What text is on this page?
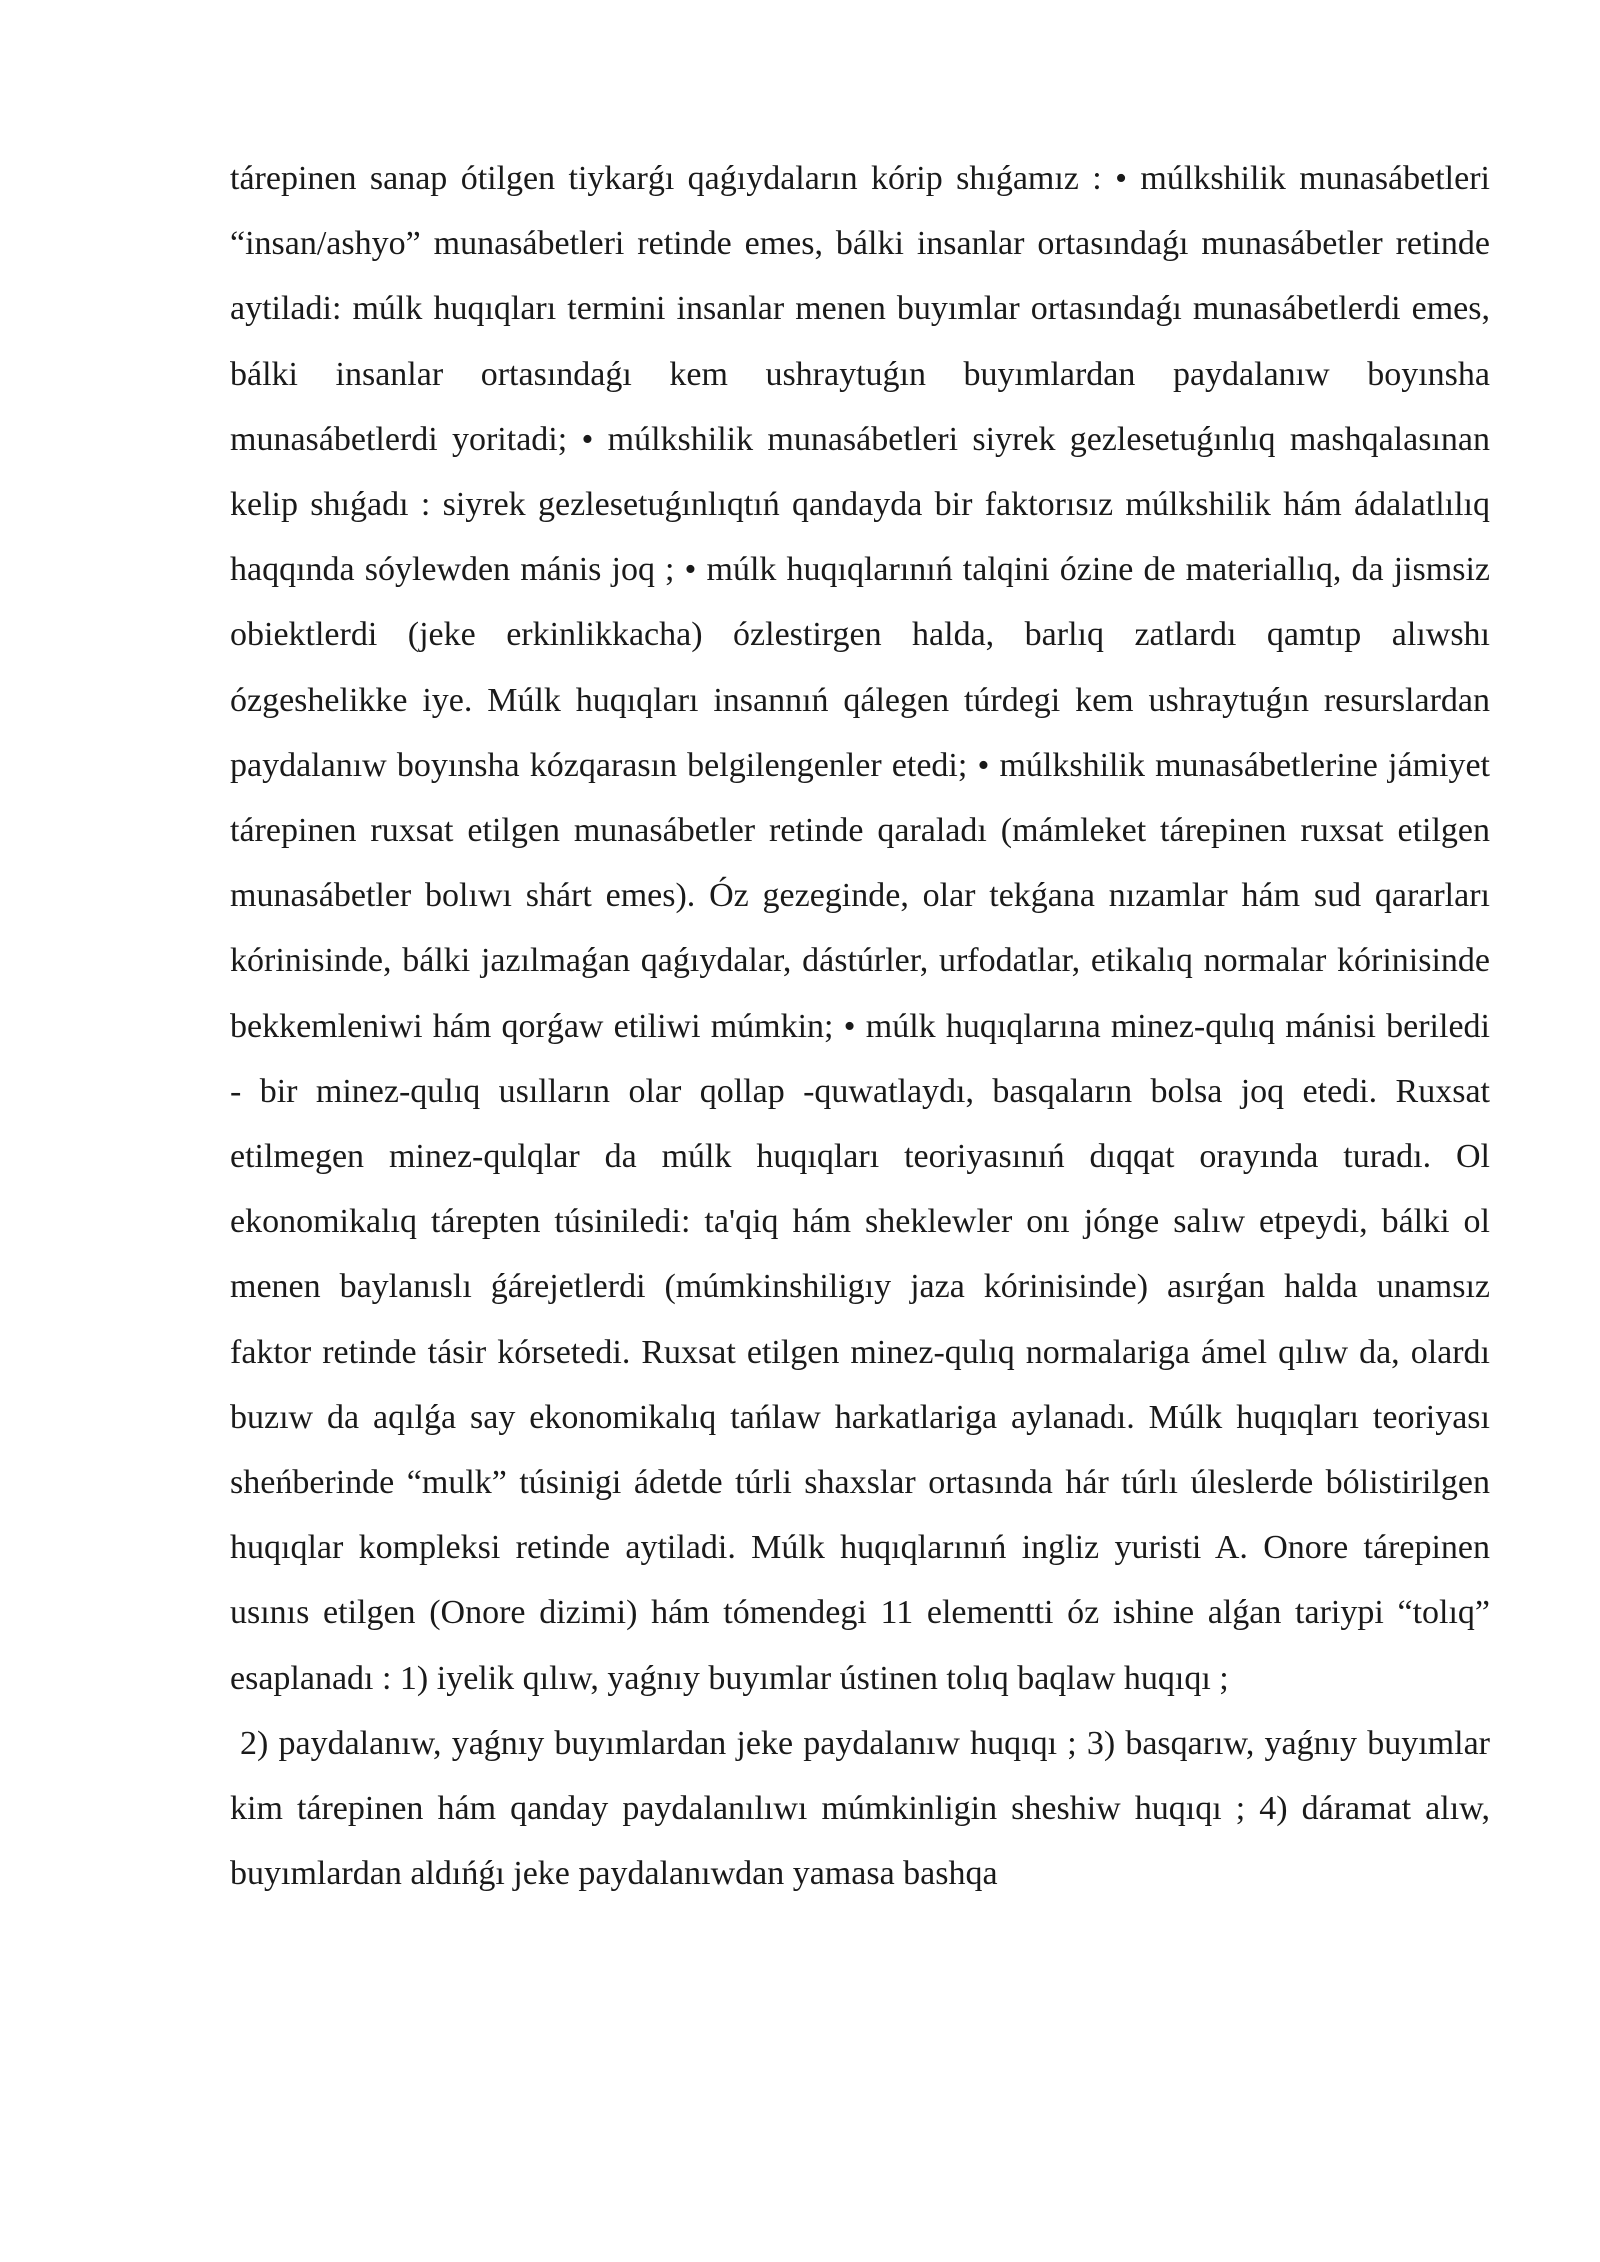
tárepinen sanap ótilgen tiykarǵı qaǵıydaların kórip shıǵamız : • múlkshilik munasábetleri “insan/ashyo” munasábetleri retinde emes, bálki insanlar ortasındaǵı munasábetler retinde aytiladi: múlk huqıqları termini insanlar menen buyımlar ortasındaǵı munasábetlerdi emes, bálki insanlar ortasındaǵı kem ushraytuǵın buyımlardan paydalanıw boyınsha munasábetlerdi yoritadi; • múlkshilik munasábetleri siyrek gezlesetuǵınlıq mashqalasınan kelip shıǵadı : siyrek gezlesetuǵınlıqtıń qandayda bir faktorısız múlkshilik hám ádalatlılıq haqqında sóylewden mánis joq ; • múlk huqıqlarınıń talqini ózine de materiallıq, da jismsiz obiektlerdi (jeke erkinlikkacha) ózlestirgen halda, barlıq zatlardı qamtıp alıwshı ózgeshelikke iye. Múlk huqıqları insannıń qálegen túrdegi kem ushraytuǵın resurslardan paydalanıw boyınsha kózqarasın belgilengenler etedi; • múlkshilik munasábetlerine jámiyet tárepinen ruxsat etilgen munasábetler retinde qaraladı (mámleket tárepinen ruxsat etilgen munasábetler bolıwı shárt emes). Óz gezeginde, olar tekǵana nızamlar hám sud qararları kórinisinde, bálki jazılmaǵan qaǵıydalar, dástúrler, urfodatlar, etikalıq normalar kórinisinde bekkemleniwi hám qorǵaw etiliwi múmkin; • múlk huqıqlarına minez-qulıq mánisi beriledi - bir minez-qulıq usılların olar qollap -quwatlaydı, basqaların bolsa joq etedi. Ruxsat etilmegen minez-qulqlar da múlk huqıqları teoriyasınıń dıqqat orayında turadı. Ol ekonomikalıq tárepten túsiniledi: ta'qiq hám sheklewler onı jónge salıw etpeydi, bálki ol menen baylanıslı ǵárejetlerdi (múmkinshiligıy jaza kórinisinde) asırǵan halda unamsız faktor retinde tásir kórsetedi. Ruxsat etilgen minez-qulıq normalariga ámel qılıw da, olardı buzıw da aqılǵa say ekonomikalıq tańlaw harkatlariga aylanadı. Múlk huqıqları teoriyası sheńberinde “mulk” túsinigi ádetde túrli shaxslar ortasında hár túrlı úleslerde bólistirilgen huqıqlar kompleksi retinde aytiladi. Múlk huqıqlarınıń ingliz yuristi A. Onore tárepinen usınıs etilgen (Onore dizimi) hám tómendegi 11 elementti óz ishine alǵan tariypi “tolıq” esaplanadı : 1) iyelik qılıw, yaǵnıy buyımlar ústinen tolıq baqlaw huqıqı ;

2) paydalanıw, yaǵnıy buyımlardan jeke paydalanıw huqıqı ; 3) basqarıw, yaǵnıy buyımlar kim tárepinen hám qanday paydalanılıwı múmkinligin sheshiw huqıqı ; 4) dáramat alıw, buyımlardan aldıńǵı jeke paydalanıwdan yamasa bashqa
